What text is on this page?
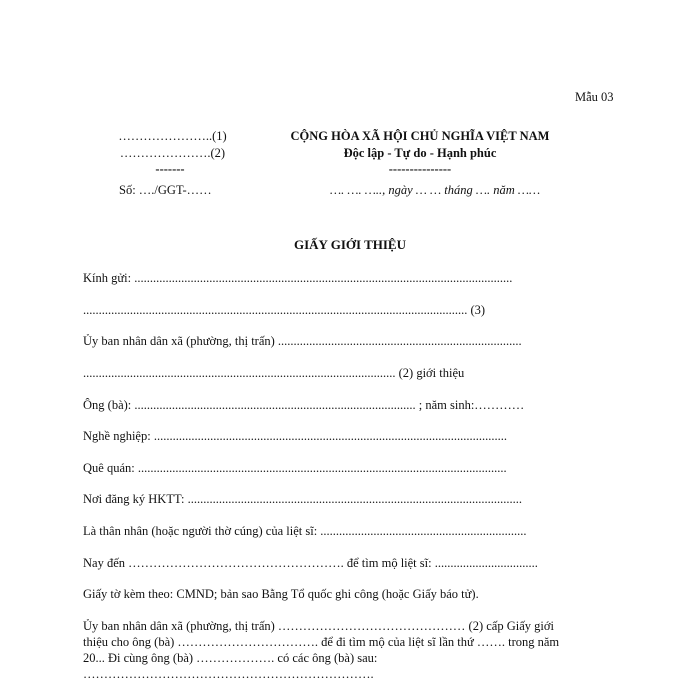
Mẫu 03
…………………..(1)
………………….(2)
-------
Số: …./GGT-……
CỘNG HÒA XÃ HỘI CHỦ NGHĨA VIỆT NAM
Độc lập - Tự do - Hạnh phúc
---------------
…. …. ….., ngày … … tháng …. năm ……
GIẤY GIỚI THIỆU
Kính gửi: .........................................................................................................................
........................................................................................................................... (3)
Ủy ban nhân dân xã (phường, thị trấn) ..............................................................................
.................................................................................................... (2) giới thiệu
Ông (bà): .......................................................................................... ; năm sinh:…………
Nghề nghiệp: .................................................................................................................
Quê quán: ......................................................................................................................
Nơi đăng ký HKTT: ...........................................................................................................
Là thân nhân (hoặc người thờ cúng) của liệt sĩ: ..................................................................
Nay đến ……………………………………………. để tìm mộ liệt sĩ: .................................
Giấy tờ kèm theo: CMND; bản sao Bằng Tổ quốc ghi công (hoặc Giấy báo tử).
Ủy ban nhân dân xã (phường, thị trấn) ……………………………………… (2) cấp Giấy giới
thiệu cho ông (bà) ……………………………. để đi tìm mộ của liệt sĩ lần thứ ……. trong năm
20... Đi cùng ông (bà) ………………. có các ông (bà) sau:
…………………………………………………………….
